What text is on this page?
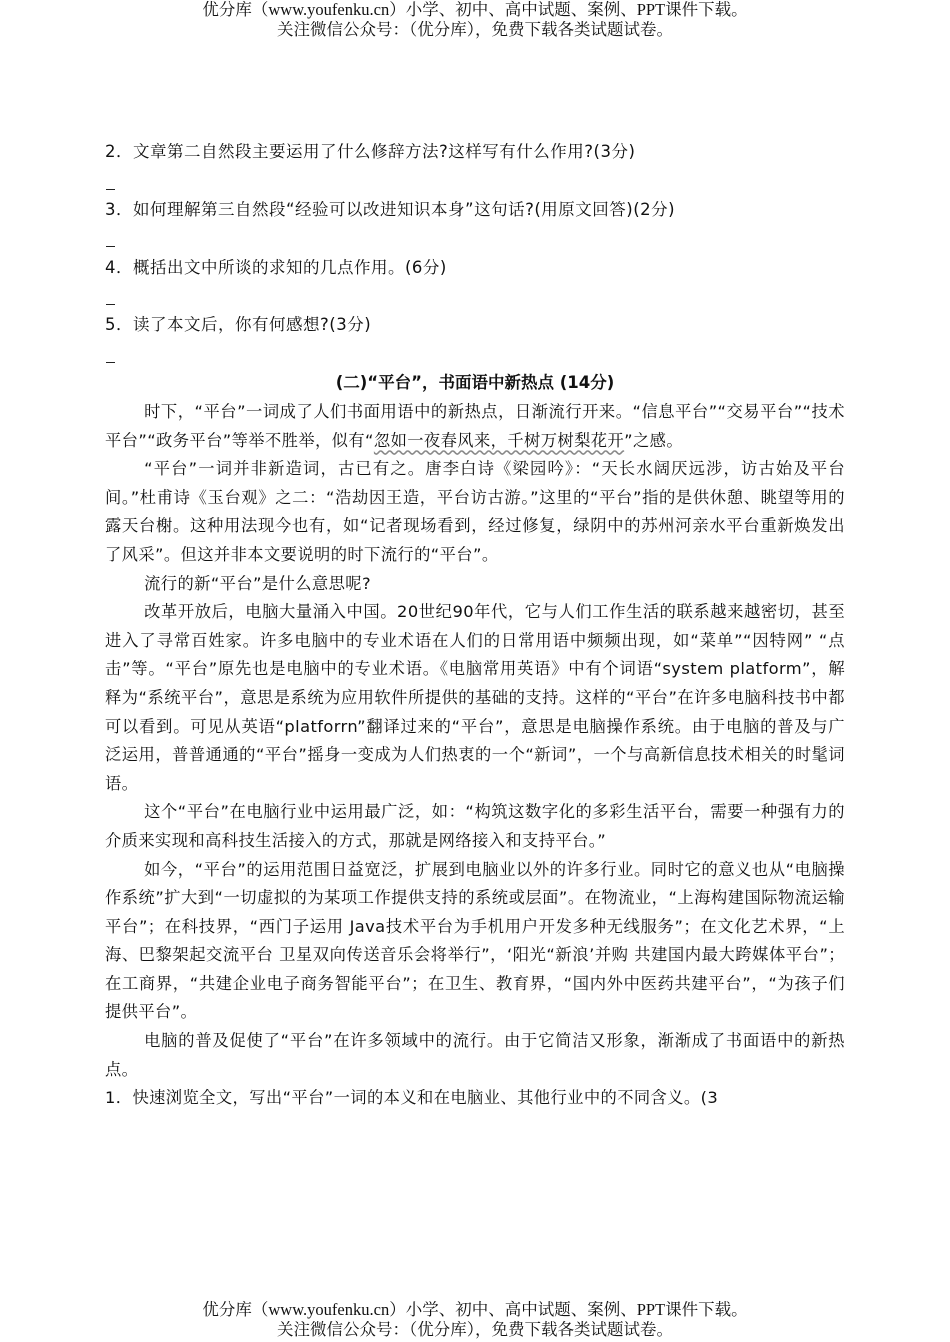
优分库（www.youfenku.cn）小学、初中、高中试题、案例、PPT课件下载。
关注微信公众号：（优分库），免费下载各类试题试卷。
2．文章第二自然段主要运用了什么修辞方法?这样写有什么作用?(3分)
3．如何理解第三自然段“经验可以改进知识本身”这句话?(用原文回答)(2分)
4．概括出文中所谈的求知的几点作用。(6分)
5．读了本文后，你有何感想?(3分)
(二)“平台”，书面语中新热点 (14分)

时下，“平台”一词成了人们书面用语中的新热点，日渐流行开来。“信息平台”“交易平台”“技术平台”“政务平台”等举不胜举，似有“忽如一夜春风来，千树万树梨花开”之感。

“平台”一词并非新造词，古已有之。唐李白诗《梁园吟》：“天长水阔厌远涉，访古始及平台间。”杜甫诗《玉台观》之二：“浩劫因王造，平台访古游。”这里的“平台”指的是供休憩、眺望等用的露天台榭。这种用法现今也有，如“记者现场看到，经过修复，绿阴中的苏州河亲水平台重新焕发出了风采”。但这并非本文要说明的时下流行的“平台”。

流行的新“平台”是什么意思呢?

改革开放后，电脑大量涌入中国。20世纪90年代，它与人们工作生活的联系越来越密切，甚至进入了寻常百姓家。许多电脑中的专业术语在人们的日常用语中频频出现，如“菜单”“因特网” “点击”等。“平台”原先也是电脑中的专业术语。《电脑常用英语》中有个词语“system platform”，解释为“系统平台”，意思是系统为应用软件所提供的基础的支持。这样的“平台”在许多电脑科技书中都可以看到。可见从英语“platforrn”翻译过来的“平台”，意思是电脑操作系统。由于电脑的普及与广泛运用，普普通通的“平台”摇身一变成为人们热衷的一个“新词”，一个与高新信息技术相关的时髦词语。

这个“平台”在电脑行业中运用最广泛，如：“构筑这数字化的多彩生活平台，需要一种强有力的介质来实现和高科技生活接入的方式，那就是网络接入和支持平台。”

如今，“平台”的运用范围日益宽泛，扩展到电脑业以外的许多行业。同时它的意义也从“电脑操作系统”扩大到“一切虚拟的为某项工作提供支持的系统或层面”。在物流业，“上海构建国际物流运输平台”；在科技界，“西门子运用 Java技术平台为手机用户开发多种无线服务”；在文化艺术界，“上海、巴黎架起交流平台 卫星双向传送音乐会将举行”，‘阳光“新浪’并购 共建国内最大跨媒体平台”；在工商界，“共建企业电子商务智能平台”；在卫生、教育界，“国内外中医药共建平台”，“为孩子们提供平台”。

电脑的普及促使了“平台”在许多领域中的流行。由于它简洁又形象，渐渐成了书面语中的新热点。

1．快速浏览全文，写出“平台”一词的本义和在电脑业、其他行业中的不同含义。(3

优分库（www.youfenku.cn）小学、初中、高中试题、案例、PPT课件下载。
关注微信公众号：（优分库），免费下载各类试题试卷。
